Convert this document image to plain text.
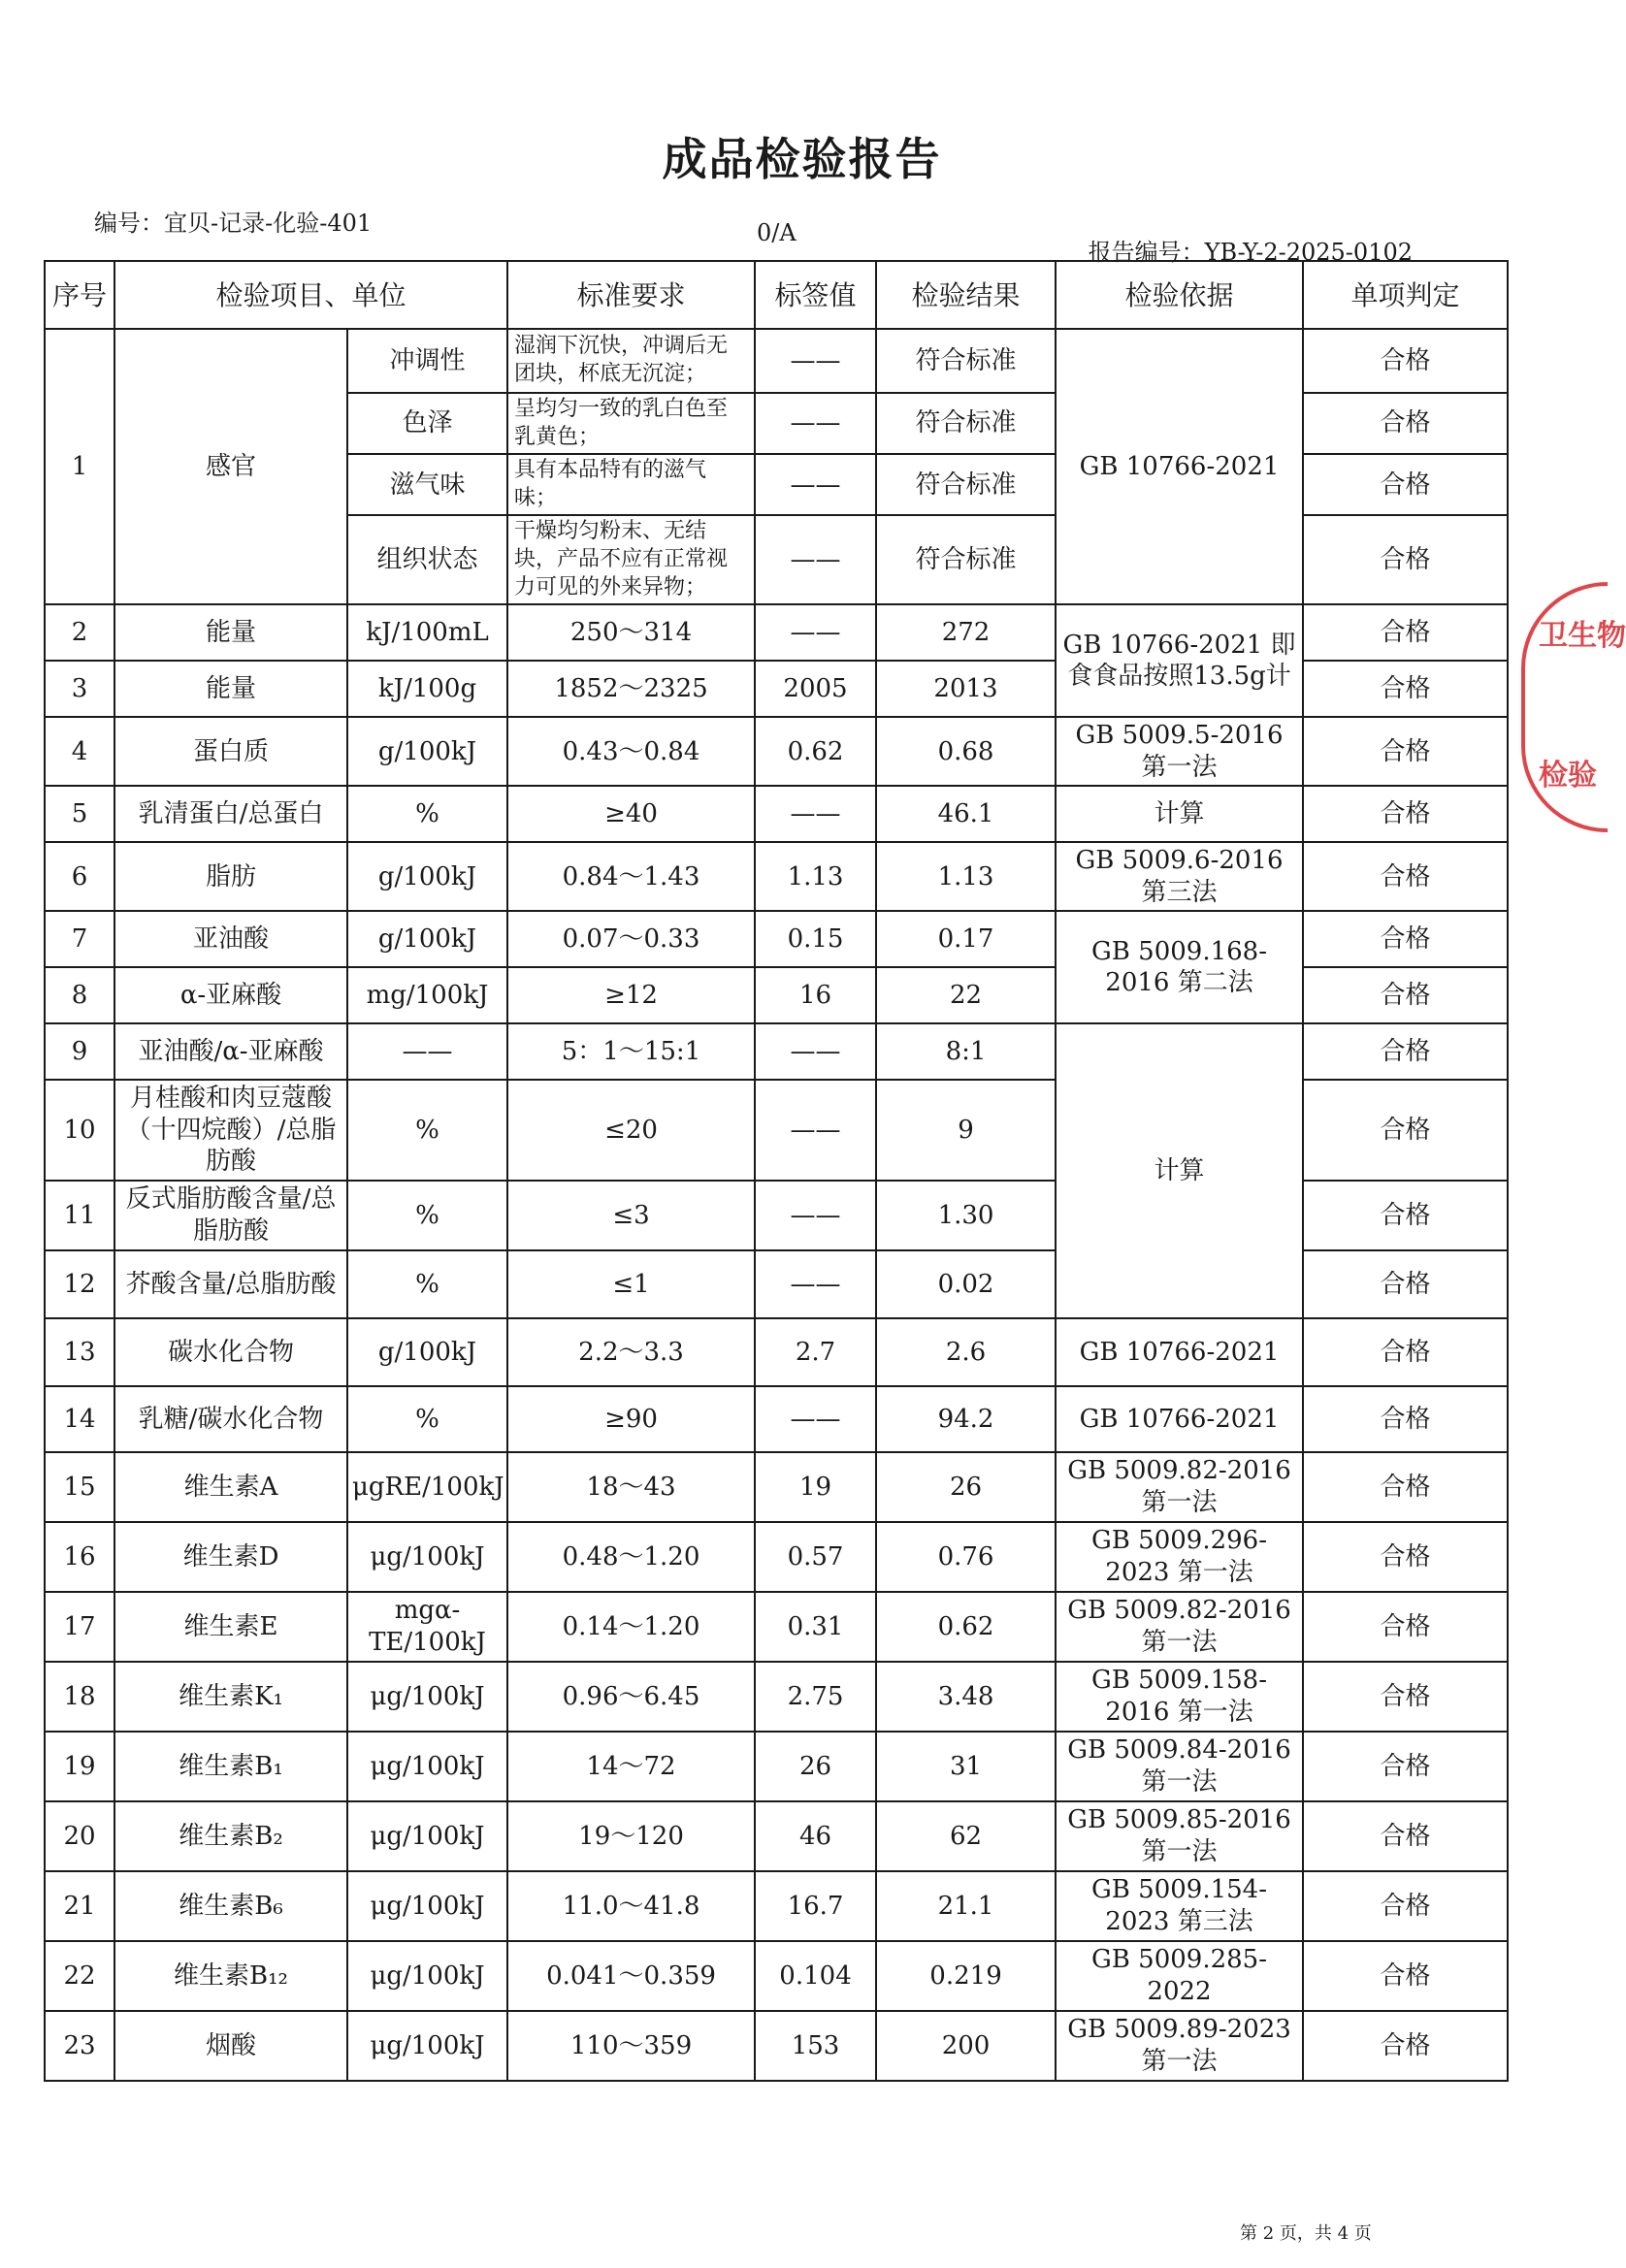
成品检验报告
编号：宜贝-记录-化验-401	0/A
报告编号：YB-Y-2-2025-0102
序号	检验项目、单位		标准要求	标签值	检验结果	检验依据	单项判定
1	感官	冲调性	湿润下沉快，冲调后无团块，杯底无沉淀；	——	符合标准	GB 10766-2021	合格
		色泽	呈均匀一致的乳白色至乳黄色；	——	符合标准		合格
		滋气味	具有本品特有的滋气味；	——	符合标准		合格
		组织状态	干燥均匀粉末、无结块，产品不应有正常视力可见的外来异物；	——	符合标准		合格
2	能量	kJ/100mL	250～314	——	272	GB 10766-2021 即食食品按照13.5g计	合格
3	能量	kJ/100g	1852～2325	2005	2013		合格
4	蛋白质	g/100kJ	0.43～0.84	0.62	0.68	GB 5009.5-2016 第一法	合格
5	乳清蛋白/总蛋白	%	≥40	——	46.1	计算	合格
6	脂肪	g/100kJ	0.84～1.43	1.13	1.13	GB 5009.6-2016 第三法	合格
7	亚油酸	g/100kJ	0.07～0.33	0.15	0.17	GB 5009.168-2016 第二法	合格
8	α-亚麻酸	mg/100kJ	≥12	16	22		合格
9	亚油酸/α-亚麻酸	——	5：1～15:1	——	8:1	计算	合格
10	月桂酸和肉豆蔻酸（十四烷酸）/总脂肪酸	%	≤20	——	9		合格
11	反式脂肪酸含量/总脂肪酸	%	≤3	——	1.30		合格
12	芥酸含量/总脂肪酸	%	≤1	——	0.02		合格
13	碳水化合物	g/100kJ	2.2～3.3	2.7	2.6	GB 10766-2021	合格
14	乳糖/碳水化合物	%	≥90	——	94.2	GB 10766-2021	合格
15	维生素A	μgRE/100kJ	18～43	19	26	GB 5009.82-2016 第一法	合格
16	维生素D	μg/100kJ	0.48～1.20	0.57	0.76	GB 5009.296-2023 第一法	合格
17	维生素E	mgα-TE/100kJ	0.14～1.20	0.31	0.62	GB 5009.82-2016 第一法	合格
18	维生素K₁	μg/100kJ	0.96～6.45	2.75	3.48	GB 5009.158-2016 第一法	合格
19	维生素B₁	μg/100kJ	14～72	26	31	GB 5009.84-2016 第一法	合格
20	维生素B₂	μg/100kJ	19～120	46	62	GB 5009.85-2016 第一法	合格
21	维生素B₆	μg/100kJ	11.0～41.8	16.7	21.1	GB 5009.154-2023 第三法	合格
22	维生素B₁₂	μg/100kJ	0.041～0.359	0.104	0.219	GB 5009.285-2022	合格
23	烟酸	μg/100kJ	110～359	153	200	GB 5009.89-2023 第一法	合格
第 2 页，共 4 页
卫生物
检验
